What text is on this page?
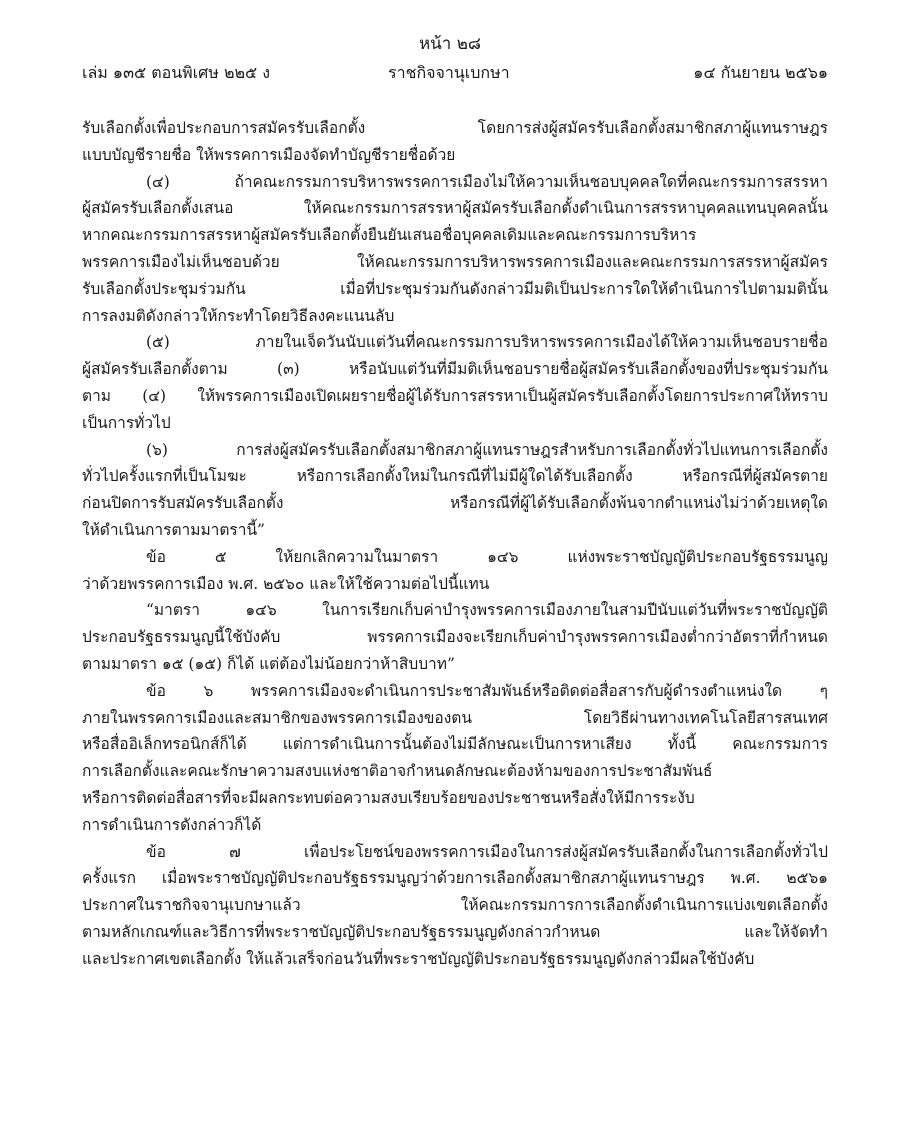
หน้า ๒๘
เล่ม ๑๓๕ ตอนพิเศษ ๒๒๕ ง	ราชกิจจานุเบกษา	๑๔ กันยายน ๒๕๖๑
รับเลือกตั้งเพื่อประกอบการสมัครรับเลือกตั้ง โดยการส่งผู้สมัครรับเลือกตั้งสมาชิกสภาผู้แทนราษฎร
แบบบัญชีรายชื่อ ให้พรรคการเมืองจัดทำบัญชีรายชื่อด้วย
(๔) ถ้าคณะกรรมการบริหารพรรคการเมืองไม่ให้ความเห็นชอบบุคคลใดที่คณะกรรมการสรรหา
ผู้สมัครรับเลือกตั้งเสนอ ให้คณะกรรมการสรรหาผู้สมัครรับเลือกตั้งดำเนินการสรรหาบุคคลแทนบุคคลนั้น
หากคณะกรรมการสรรหาผู้สมัครรับเลือกตั้งยืนยันเสนอชื่อบุคคลเดิมและคณะกรรมการบริหาร
พรรคการเมืองไม่เห็นชอบด้วย ให้คณะกรรมการบริหารพรรคการเมืองและคณะกรรมการสรรหาผู้สมัคร
รับเลือกตั้งประชุมร่วมกัน เมื่อที่ประชุมร่วมกันดังกล่าวมีมติเป็นประการใดให้ดำเนินการไปตามมตินั้น
การลงมติดังกล่าวให้กระทำโดยวิธีลงคะแนนลับ
(๕) ภายในเจ็ดวันนับแต่วันที่คณะกรรมการบริหารพรรคการเมืองได้ให้ความเห็นชอบรายชื่อ
ผู้สมัครรับเลือกตั้งตาม (๓) หรือนับแต่วันที่มีมติเห็นชอบรายชื่อผู้สมัครรับเลือกตั้งของที่ประชุมร่วมกัน
ตาม (๔) ให้พรรคการเมืองเปิดเผยรายชื่อผู้ได้รับการสรรหาเป็นผู้สมัครรับเลือกตั้งโดยการประกาศให้ทราบ
เป็นการทั่วไป
(๖) การส่งผู้สมัครรับเลือกตั้งสมาชิกสภาผู้แทนราษฎรสำหรับการเลือกตั้งทั่วไปแทนการเลือกตั้ง
ทั่วไปครั้งแรกที่เป็นโมฆะ หรือการเลือกตั้งใหม่ในกรณีที่ไม่มีผู้ใดได้รับเลือกตั้ง หรือกรณีที่ผู้สมัครตาย
ก่อนปิดการรับสมัครรับเลือกตั้ง หรือกรณีที่ผู้ได้รับเลือกตั้งพ้นจากตำแหน่งไม่ว่าด้วยเหตุใด
ให้ดำเนินการตามมาตรานี้”
ข้อ ๕ ให้ยกเลิกความในมาตรา ๑๔๖ แห่งพระราชบัญญัติประกอบรัฐธรรมนูญ
ว่าด้วยพรรคการเมือง พ.ศ. ๒๕๖๐ และให้ใช้ความต่อไปนี้แทน
“มาตรา ๑๔๖ ในการเรียกเก็บค่าบำรุงพรรคการเมืองภายในสามปีนับแต่วันที่พระราชบัญญัติ
ประกอบรัฐธรรมนูญนี้ใช้บังคับ พรรคการเมืองจะเรียกเก็บค่าบำรุงพรรคการเมืองต่ำกว่าอัตราที่กำหนด
ตามมาตรา ๑๕ (๑๕) ก็ได้ แต่ต้องไม่น้อยกว่าห้าสิบบาท”
ข้อ ๖ พรรคการเมืองจะดำเนินการประชาสัมพันธ์หรือติดต่อสื่อสารกับผู้ดำรงตำแหน่งใด ๆ
ภายในพรรคการเมืองและสมาชิกของพรรคการเมืองของตน โดยวิธีผ่านทางเทคโนโลยีสารสนเทศ
หรือสื่ออิเล็กทรอนิกส์ก็ได้ แต่การดำเนินการนั้นต้องไม่มีลักษณะเป็นการหาเสียง ทั้งนี้ คณะกรรมการ
การเลือกตั้งและคณะรักษาความสงบแห่งชาติอาจกำหนดลักษณะต้องห้ามของการประชาสัมพันธ์
หรือการติดต่อสื่อสารที่จะมีผลกระทบต่อความสงบเรียบร้อยของประชาชนหรือสั่งให้มีการระงับ
การดำเนินการดังกล่าวก็ได้
ข้อ ๗ เพื่อประโยชน์ของพรรคการเมืองในการส่งผู้สมัครรับเลือกตั้งในการเลือกตั้งทั่วไป
ครั้งแรก เมื่อพระราชบัญญัติประกอบรัฐธรรมนูญว่าด้วยการเลือกตั้งสมาชิกสภาผู้แทนราษฎร พ.ศ. ๒๕๖๑
ประกาศในราชกิจจานุเบกษาแล้ว ให้คณะกรรมการการเลือกตั้งดำเนินการแบ่งเขตเลือกตั้ง
ตามหลักเกณฑ์และวิธีการที่พระราชบัญญัติประกอบรัฐธรรมนูญดังกล่าวกำหนด และให้จัดทำ
และประกาศเขตเลือกตั้ง ให้แล้วเสร็จก่อนวันที่พระราชบัญญัติประกอบรัฐธรรมนูญดังกล่าวมีผลใช้บังคับ
